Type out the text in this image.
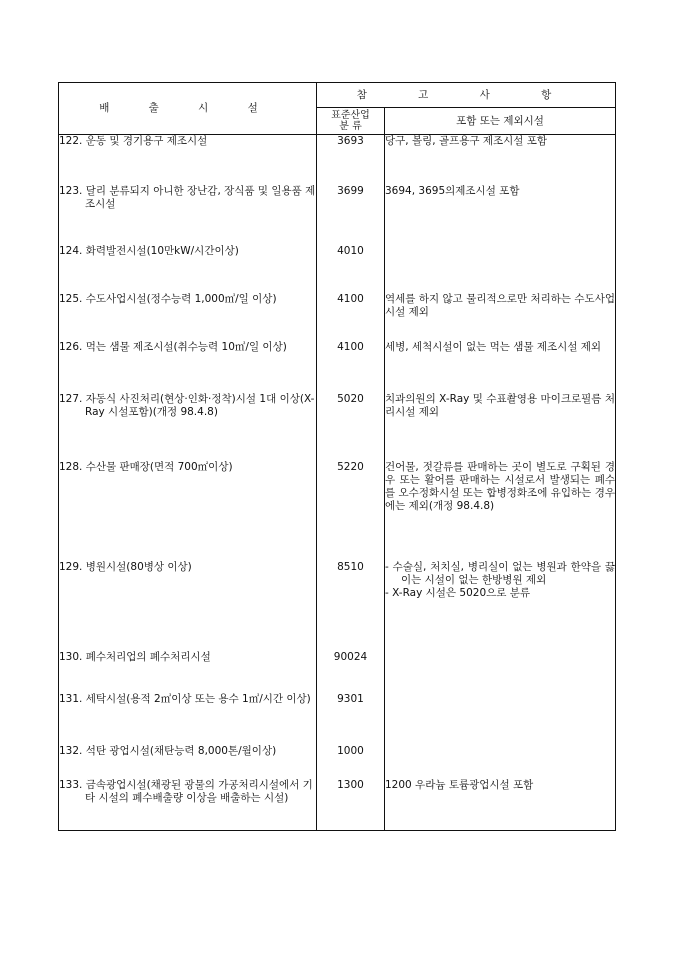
배 출 시 설	참 고 사 항	
	표준산업
분 류	포함 또는 제외시설

122. 운동 및 경기용구 제조시설	3693	당구, 볼링, 골프용구 제조시설 포함

123. 달리 분류되지 아니한 장난감, 장식품 및 일용품 제조시설	3699	3694, 3695의제조시설 포함

124. 화력발전시설(10만kW/시간이상)	4010	

125. 수도사업시설(정수능력 1,000㎥/일 이상)	4100	역세를 하지 않고 물리적으로만 처리하는 수도사업시설 제외

126. 먹는 샘물 제조시설(취수능력 10㎥/일 이상)	4100	세병, 세척시설이 없는 먹는 샘물 제조시설 제외

127. 자동식 사진처리(현상·인화·정착)시설 1대 이상(X-Ray 시설포함)(개정 98.4.8)	5020	치과의원의 X-Ray 및 수표촬영용 마이크로필름 처리시설 제외

128. 수산물 판매장(면적 700㎡이상)	5220	건어물, 젓갈류를 판매하는 곳이 별도로 구획된 경우 또는 활어를 판매하는 시설로서 발생되는 폐수를 오수정화시설 또는 합병정화조에 유입하는 경우에는 제외(개정 98.4.8)

129. 병원시설(80병상 이상)	8510	- 수술실, 처치실, 병리실이 없는 병원과 한약을 끓이는 시설이 없는 한방병원 제외
- X-Ray 시설은 5020으로 분류

130. 폐수처리업의 폐수처리시설	90024	

131. 세탁시설(용적 2㎥이상 또는 용수 1㎥/시간 이상)	9301	

132. 석탄 광업시설(채탄능력 8,000톤/월이상)	1000	

133. 금속광업시설(채광된 광물의 가공처리시설에서 기타 시설의 폐수배출량 이상을 배출하는 시설)	1300	1200 우라늄 토륨광업시설 포함
